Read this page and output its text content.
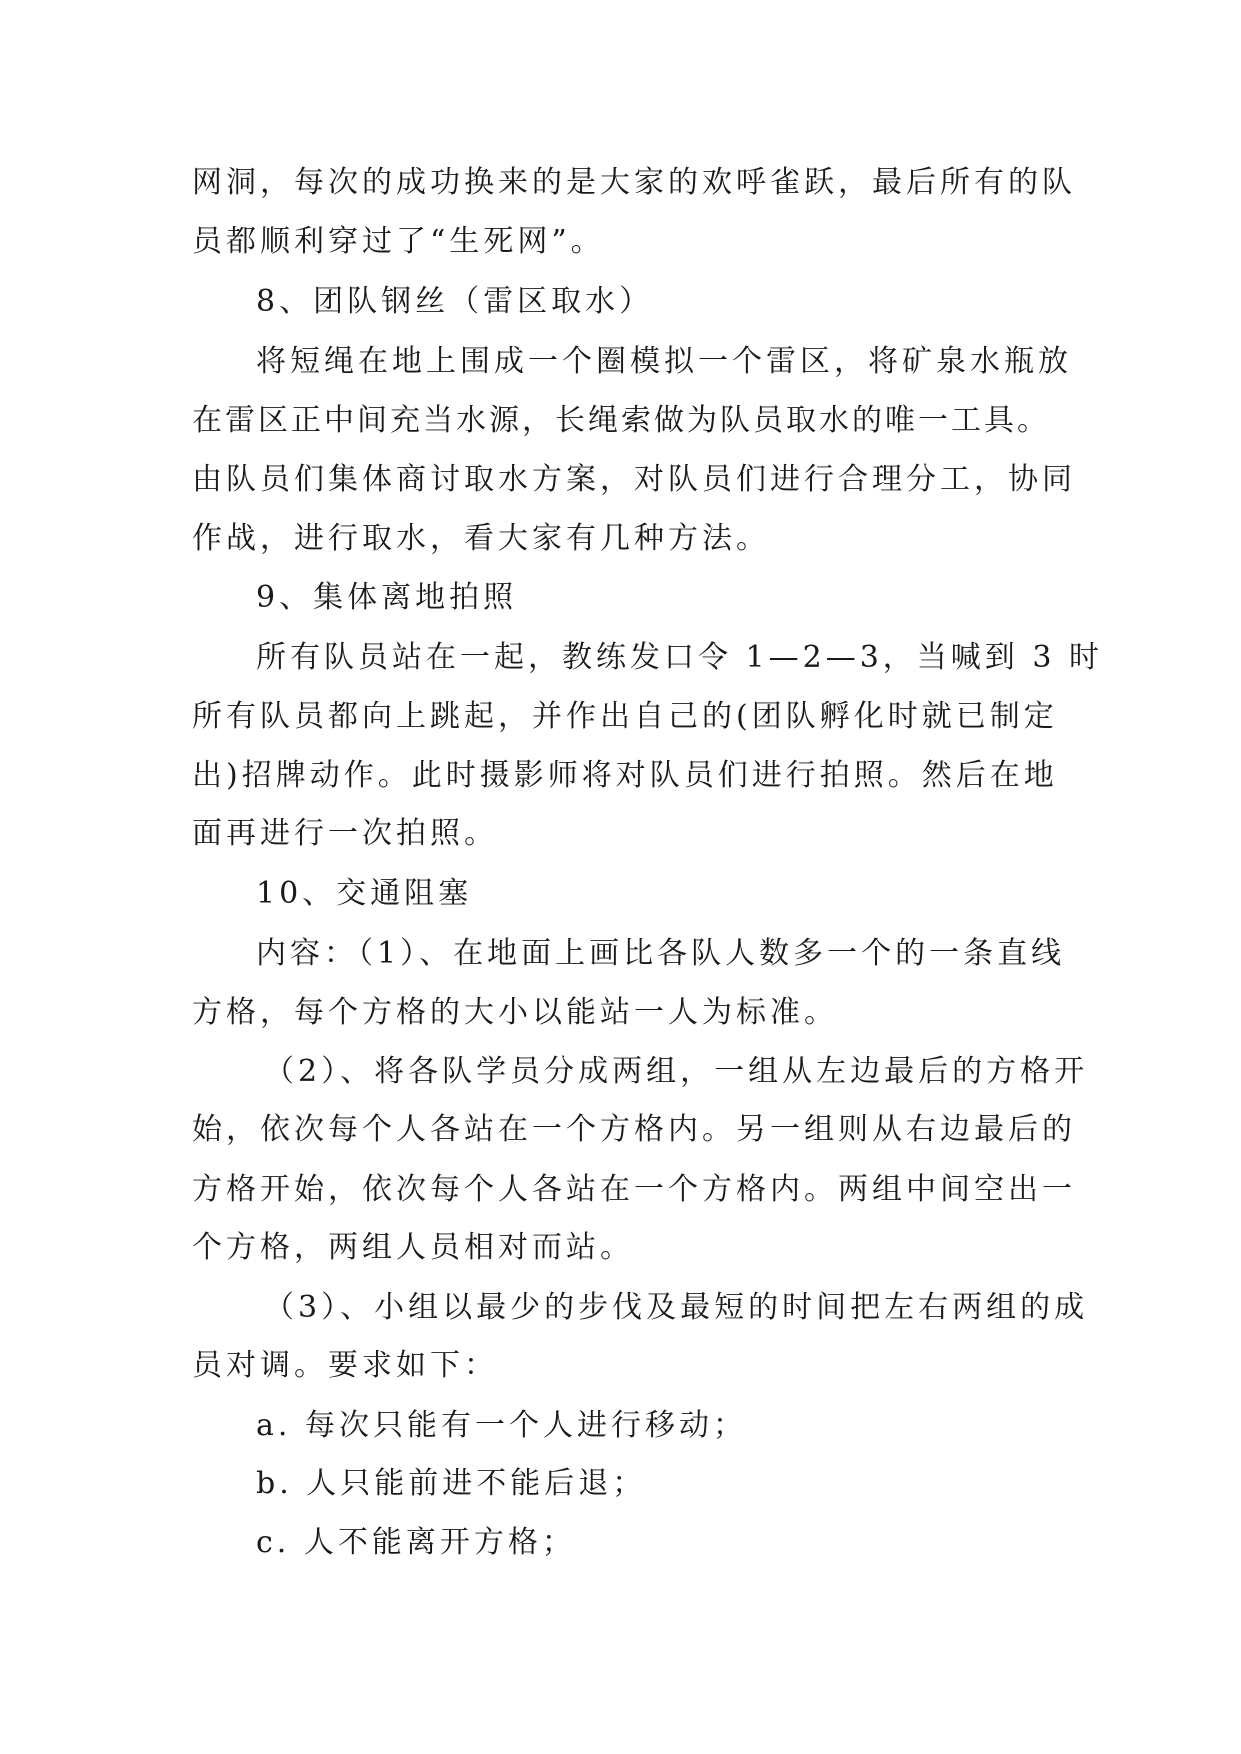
网洞，每次的成功换来的是大家的欢呼雀跃，最后所有的队
员都顺利穿过了“生死网”。
8、团队钢丝（雷区取水）
将短绳在地上围成一个圈模拟一个雷区，将矿泉水瓶放
在雷区正中间充当水源，长绳索做为队员取水的唯一工具。
由队员们集体商讨取水方案，对队员们进行合理分工，协同
作战，进行取水，看大家有几种方法。
9、集体离地拍照
所有队员站在一起，教练发口令 1—2—3，当喊到 3 时
所有队员都向上跳起，并作出自己的(团队孵化时就已制定
出)招牌动作。此时摄影师将对队员们进行拍照。然后在地
面再进行一次拍照。
10、交通阻塞
内容：（1）、在地面上画比各队人数多一个的一条直线
方格，每个方格的大小以能站一人为标准。
（2）、将各队学员分成两组，一组从左边最后的方格开
始，依次每个人各站在一个方格内。另一组则从右边最后的
方格开始，依次每个人各站在一个方格内。两组中间空出一
个方格，两组人员相对而站。
（3）、小组以最少的步伐及最短的时间把左右两组的成
员对调。要求如下：
a. 每次只能有一个人进行移动；
b. 人只能前进不能后退；
c. 人不能离开方格；
